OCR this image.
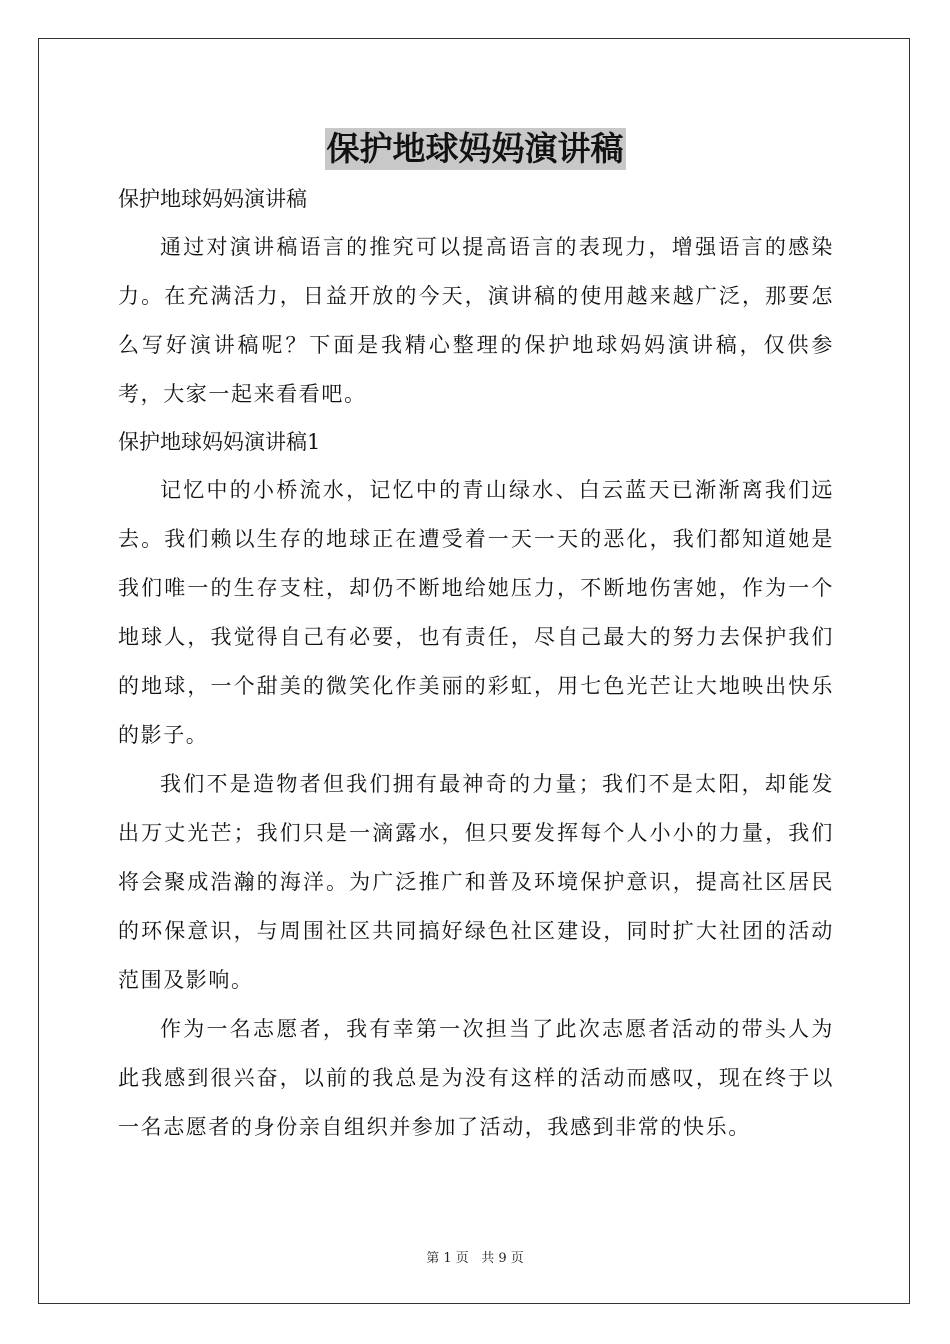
保护地球妈妈演讲稿

保护地球妈妈演讲稿

通过对演讲稿语言的推究可以提高语言的表现力，增强语言的感染力。在充满活力，日益开放的今天，演讲稿的使用越来越广泛，那要怎么写好演讲稿呢？下面是我精心整理的保护地球妈妈演讲稿，仅供参考，大家一起来看看吧。

保护地球妈妈演讲稿1

记忆中的小桥流水，记忆中的青山绿水、白云蓝天已渐渐离我们远去。我们赖以生存的地球正在遭受着一天一天的恶化，我们都知道她是我们唯一的生存支柱，却仍不断地给她压力，不断地伤害她，作为一个地球人，我觉得自己有必要，也有责任，尽自己最大的努力去保护我们的地球，一个甜美的微笑化作美丽的彩虹，用七色光芒让大地映出快乐的影子。

我们不是造物者但我们拥有最神奇的力量；我们不是太阳，却能发出万丈光芒；我们只是一滴露水，但只要发挥每个人小小的力量，我们将会聚成浩瀚的海洋。为广泛推广和普及环境保护意识，提高社区居民的环保意识，与周围社区共同搞好绿色社区建设，同时扩大社团的活动范围及影响。

作为一名志愿者，我有幸第一次担当了此次志愿者活动的带头人为此我感到很兴奋，以前的我总是为没有这样的活动而感叹，现在终于以一名志愿者的身份亲自组织并参加了活动，我感到非常的快乐。

第 1 页   共 9 页
